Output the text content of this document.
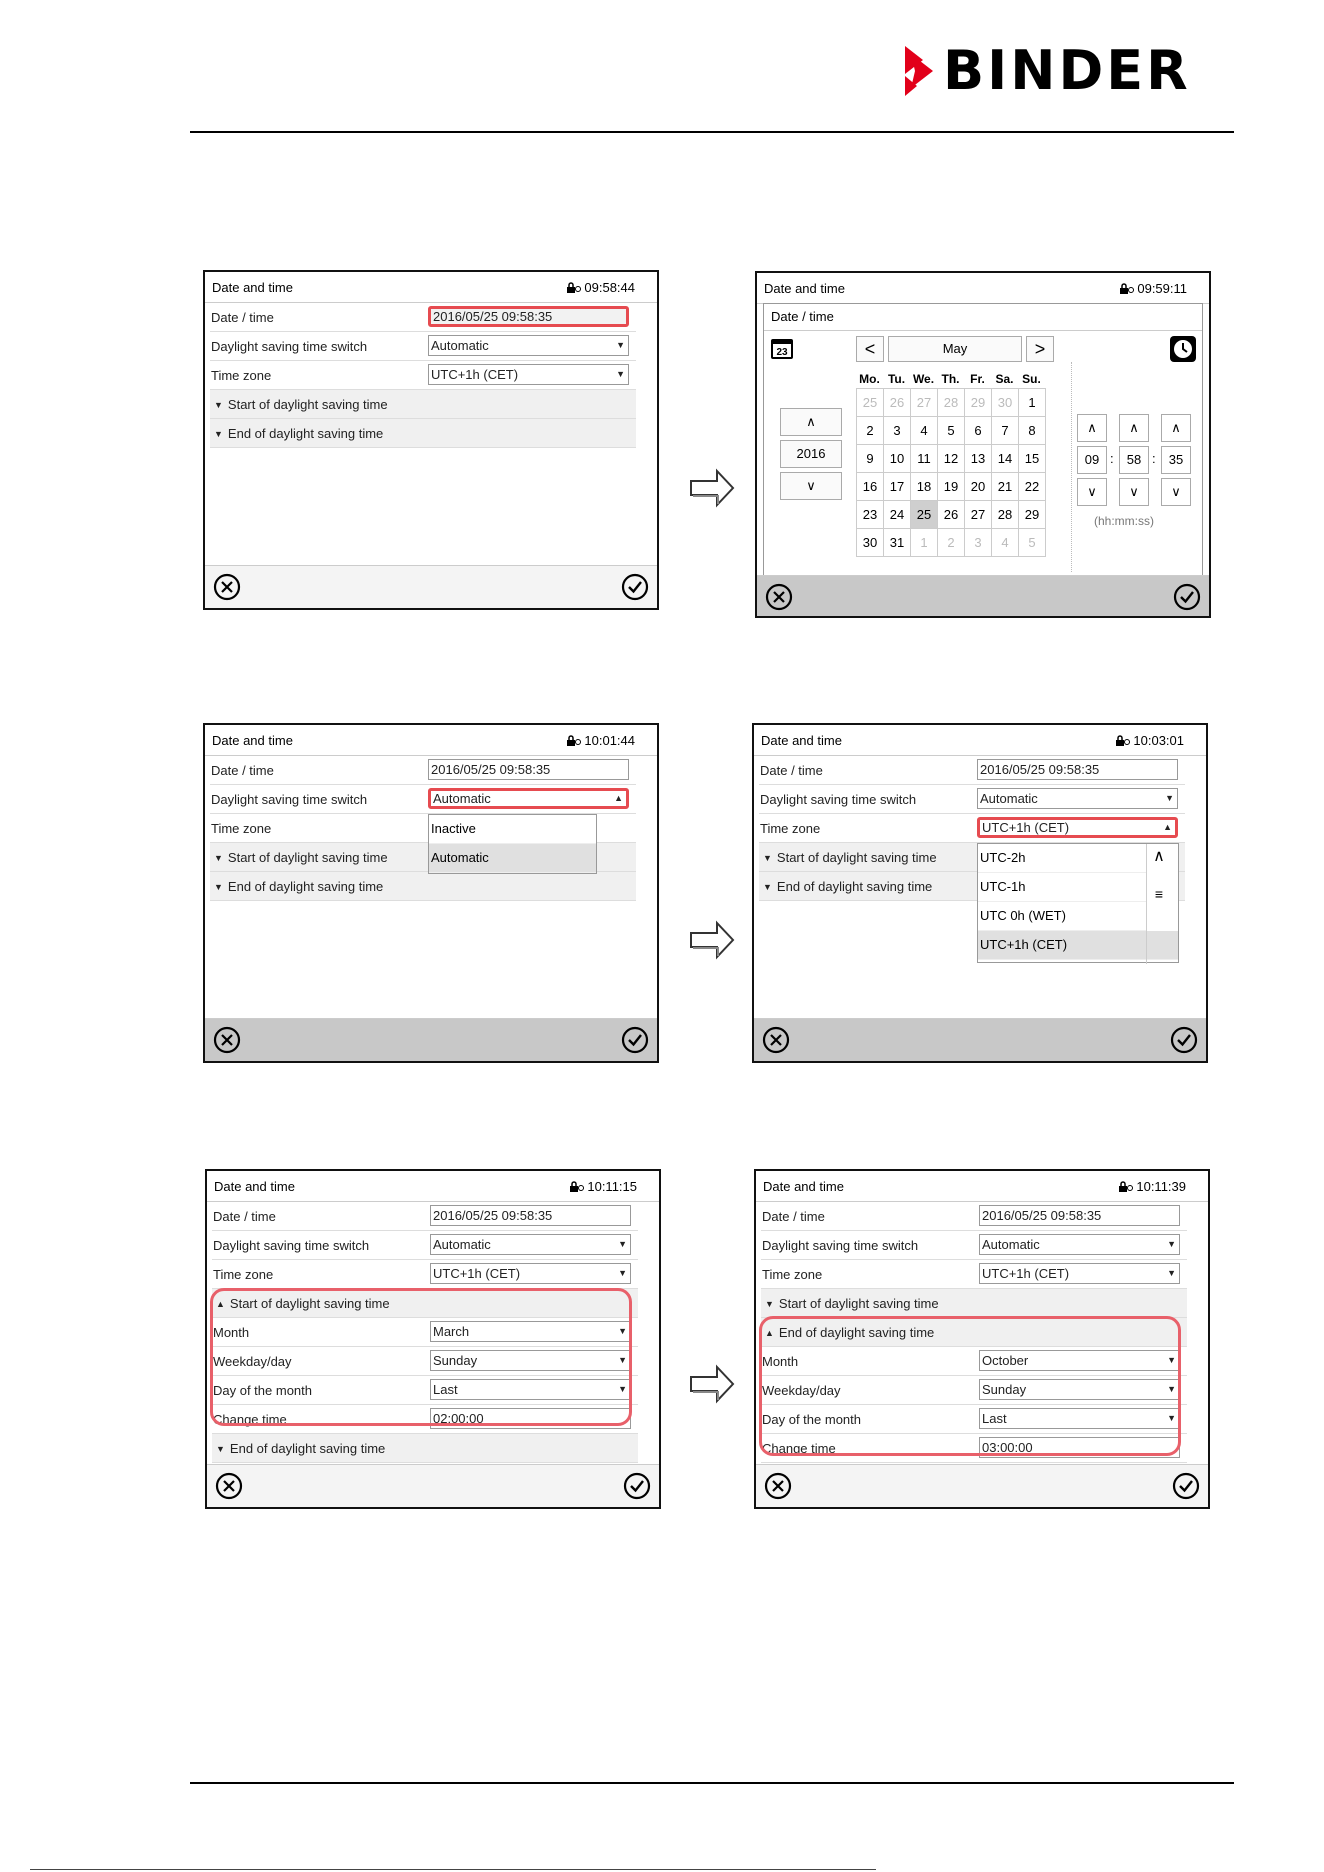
BINDER
Date and time	09:58:44
Date / time	2016/05/25 09:58:35
Daylight saving time switch	Automatic	▼
Time zone	UTC+1h (CET)	▼
▼ Start of daylight saving time
▼ End of daylight saving time
Date and time	09:59:11
Date / time
23	<	May	>
∧
2016
∨
Mo. Tu. We. Th. Fr. Sa. Su.
25 26 27 28 29 30	1
2	3	4	5	6	7	8
9	10	11	12 13 14 15
16 17 18 19 20 21 22
23 24 25 26 27 28 29
30 31	1	2	3	4	5
∧	∧	∧
09 :	58 :	35
∨	∨	∨
(hh:mm:ss)
Date and time	10:01:44
Date / time	2016/05/25 09:58:35
Daylight saving time switch	Automatic	▲
Time zone
▼ Start of daylight saving time
▼ End of daylight saving time
Inactive
Automatic
Date and time	10:03:01
Date / time	2016/05/25 09:58:35
Daylight saving time switch	Automatic	▼
Time zone	UTC+1h (CET)	▲
▼ Start of daylight saving time
▼ End of daylight saving time
UTC-2h
UTC-1h
UTC 0h (WET)
UTC+1h (CET)
∧
≡
Date and time	10:11:15
Date / time	2016/05/25 09:58:35
Daylight saving time switch	Automatic	▼
Time zone	UTC+1h (CET)	▼
▲ Start of daylight saving time
Month	March	▼
Weekday/day	Sunday	▼
Day of the month	Last	▼
Change time	02:00:00
▼ End of daylight saving time
Date and time	10:11:39
Date / time	2016/05/25 09:58:35
Daylight saving time switch	Automatic	▼
Time zone	UTC+1h (CET)	▼
▼ Start of daylight saving time
▲ End of daylight saving time
Month	October	▼
Weekday/day	Sunday	▼
Day of the month	Last	▼
Change time	03:00:00
